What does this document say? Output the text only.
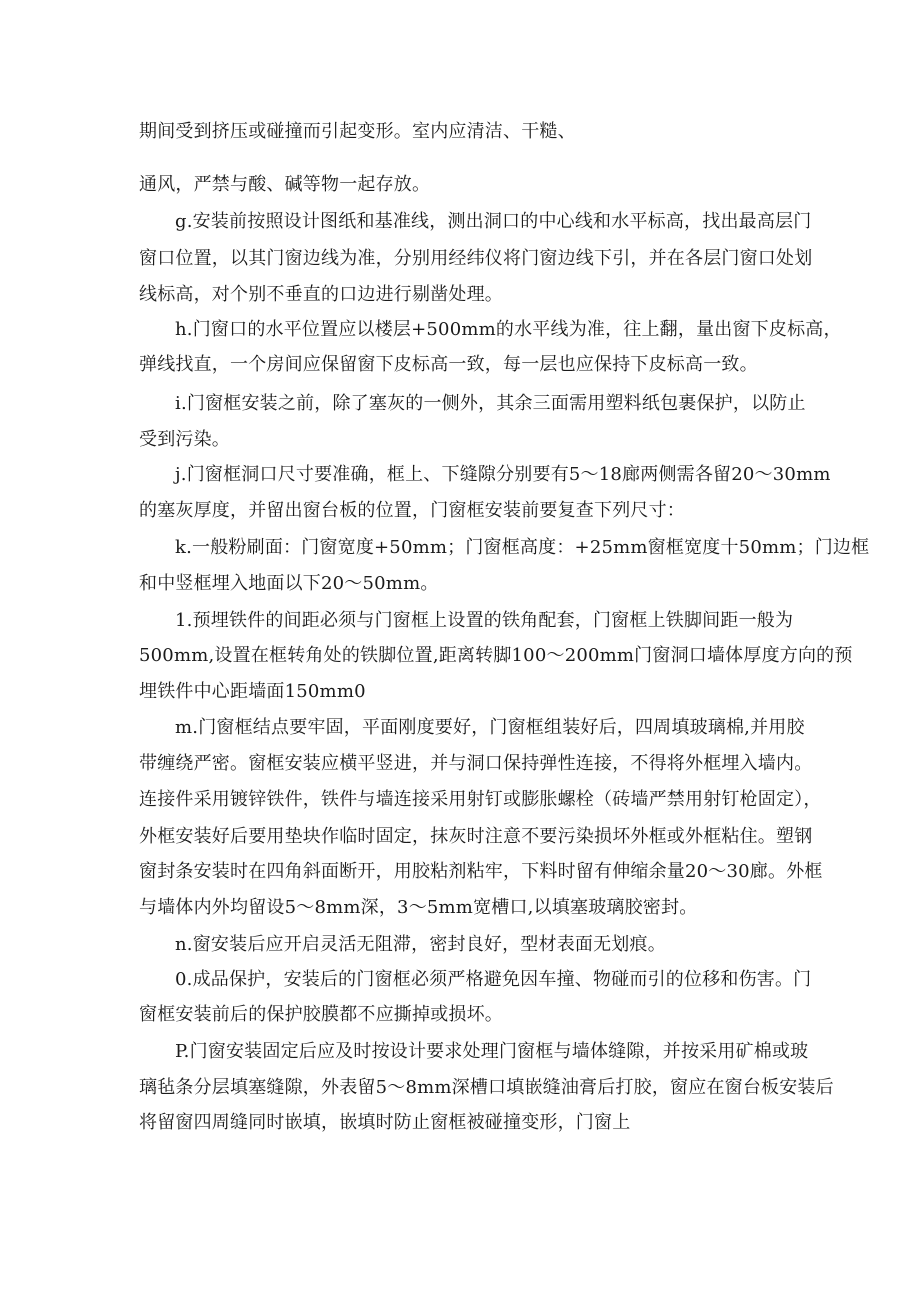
期间受到挤压或碰撞而引起变形。室内应清洁、干糙、
通风，严禁与酸、碱等物一起存放。
g.安装前按照设计图纸和基准线，测出洞口的中心线和水平标高，找出最高层门
窗口位置，以其门窗边线为准，分别用经纬仪将门窗边线下引，并在各层门窗口处划
线标高，对个别不垂直的口边进行剔凿处理。
h.门窗口的水平位置应以楼层+500mm的水平线为准，往上翻，量出窗下皮标高，
弹线找直，一个房间应保留窗下皮标高一致，每一层也应保持下皮标高一致。
i.门窗框安装之前，除了塞灰的一侧外，其余三面需用塑料纸包裹保护，以防止
受到污染。
j.门窗框洞口尺寸要准确，框上、下缝隙分别要有5～18廊两侧需各留20～30mm
的塞灰厚度，并留出窗台板的位置，门窗框安装前要复查下列尺寸：
k.一般粉刷面：门窗宽度+50mm；门窗框高度：+25mm窗框宽度十50mm；门边框
和中竖框埋入地面以下20～50mm。
1.预埋铁件的间距必须与门窗框上设置的铁角配套，门窗框上铁脚间距一般为
500mm,设置在框转角处的铁脚位置,距离转脚100～200mm门窗洞口墙体厚度方向的预
埋铁件中心距墙面150mm0
m.门窗框结点要牢固，平面刚度要好，门窗框组装好后，四周填玻璃棉,并用胶
带缠绕严密。窗框安装应横平竖进，并与洞口保持弹性连接，不得将外框埋入墙内。
连接件采用镀锌铁件，铁件与墙连接采用射钉或膨胀螺栓（砖墙严禁用射钉枪固定），
外框安装好后要用垫块作临时固定，抹灰时注意不要污染损坏外框或外框粘住。塑钢
窗封条安装时在四角斜面断开，用胶粘剂粘牢，下料时留有伸缩余量20～30廊。外框
与墙体内外均留设5～8mm深，3～5mm宽槽口,以填塞玻璃胶密封。
n.窗安装后应开启灵活无阻滞，密封良好，型材表面无划痕。
0.成品保护，安装后的门窗框必须严格避免因车撞、物碰而引的位移和伤害。门
窗框安装前后的保护胶膜都不应撕掉或损坏。
P.门窗安装固定后应及时按设计要求处理门窗框与墙体缝隙，并按采用矿棉或玻
璃毡条分层填塞缝隙，外表留5～8mm深槽口填嵌缝油膏后打胶，窗应在窗台板安装后
将留窗四周缝同时嵌填，嵌填时防止窗框被碰撞变形，门窗上
